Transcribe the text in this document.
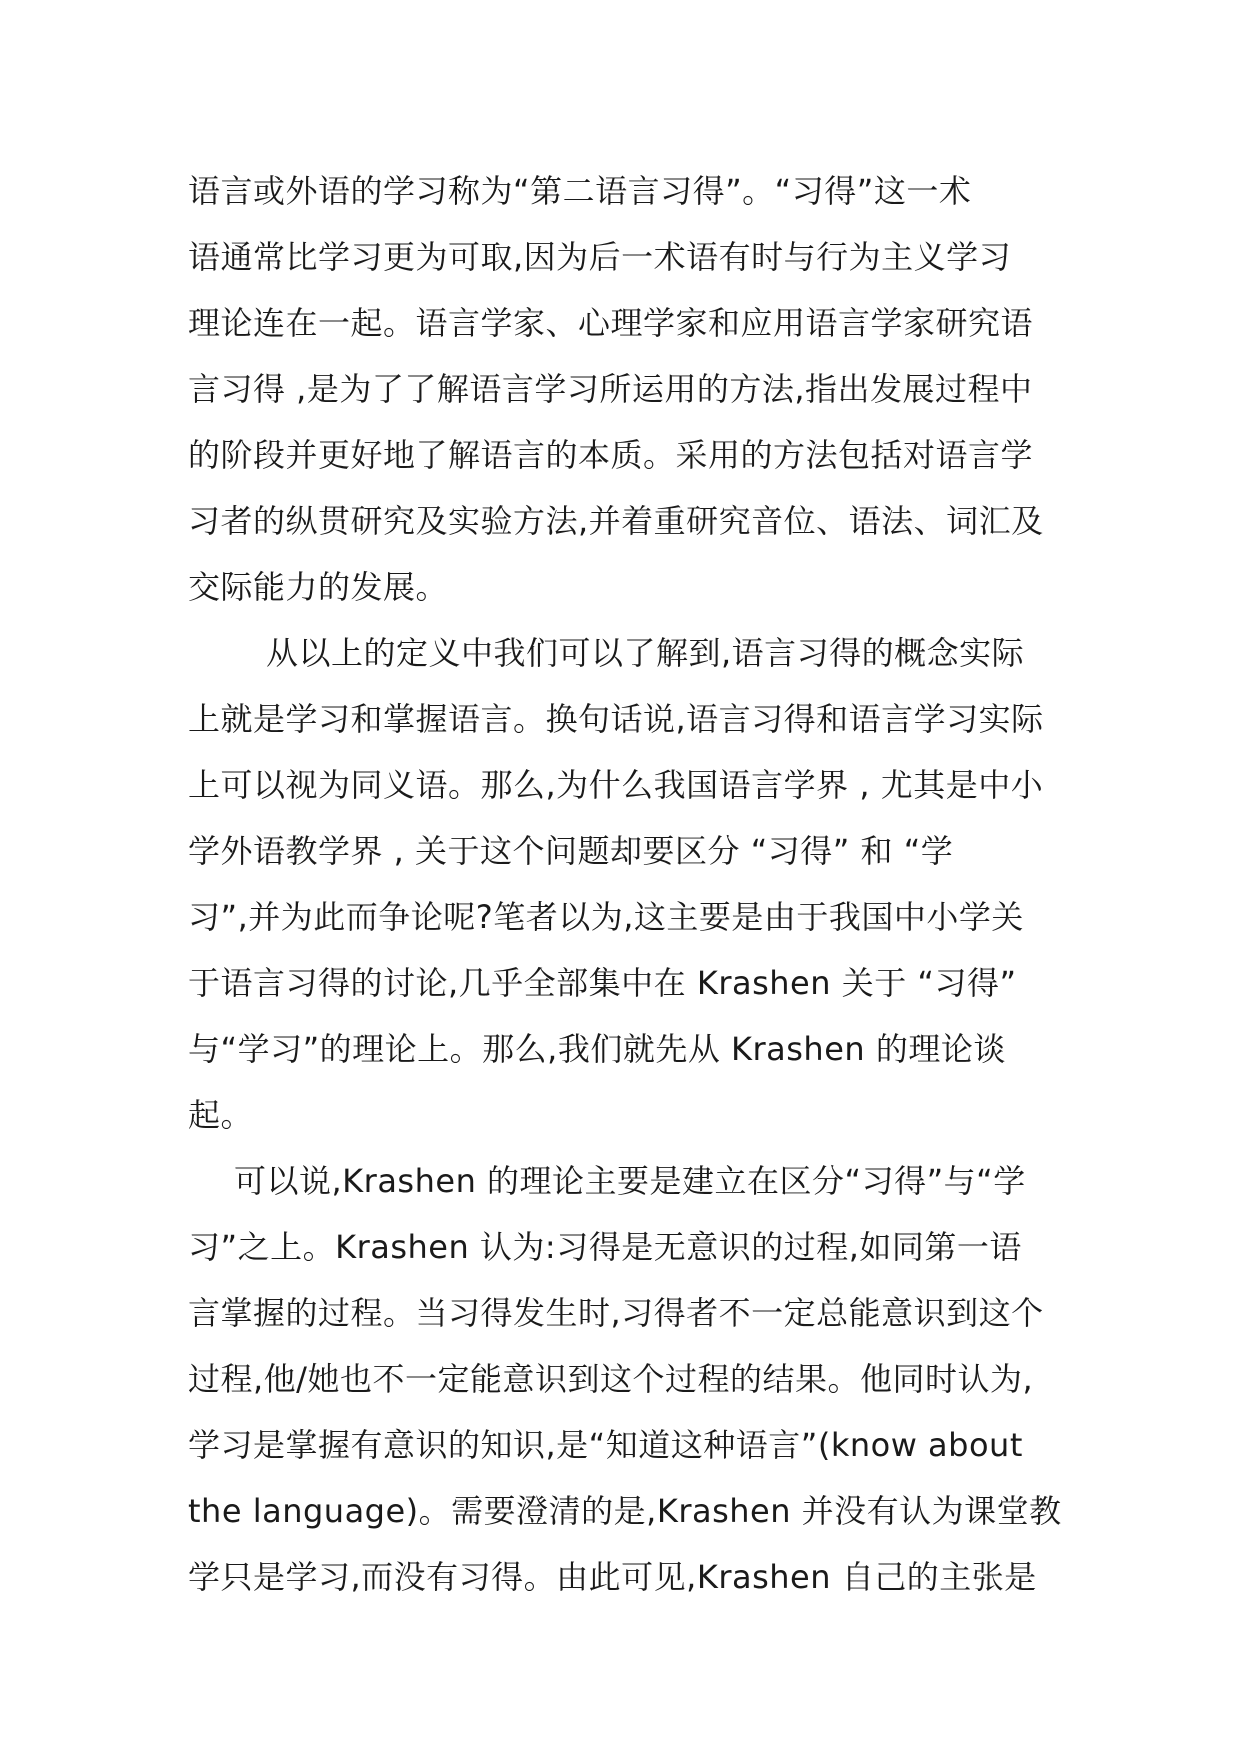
语言或外语的学习称为“第二语言习得”。“习得”这一术
语通常比学习更为可取,因为后一术语有时与行为主义学习
理论连在一起。语言学家、心理学家和应用语言学家研究语
言习得 ,是为了了解语言学习所运用的方法,指出发展过程中
的阶段并更好地了解语言的本质。采用的方法包括对语言学
习者的纵贯研究及实验方法,并着重研究音位、语法、词汇及
交际能力的发展。
从以上的定义中我们可以了解到,语言习得的概念实际
上就是学习和掌握语言。换句话说,语言习得和语言学习实际
上可以视为同义语。那么,为什么我国语言学界 , 尤其是中小
学外语教学界 , 关于这个问题却要区分 “习得” 和 “学
习”,并为此而争论呢?笔者以为,这主要是由于我国中小学关
于语言习得的讨论,几乎全部集中在 Krashen 关于 “习得”
与“学习”的理论上。那么,我们就先从 Krashen 的理论谈
起。
可以说,Krashen 的理论主要是建立在区分“习得”与“学
习”之上。Krashen 认为:习得是无意识的过程,如同第一语
言掌握的过程。当习得发生时,习得者不一定总能意识到这个
过程,他/她也不一定能意识到这个过程的结果。他同时认为,
学习是掌握有意识的知识,是“知道这种语言”(know about
the language)。需要澄清的是,Krashen 并没有认为课堂教
学只是学习,而没有习得。由此可见,Krashen 自己的主张是
